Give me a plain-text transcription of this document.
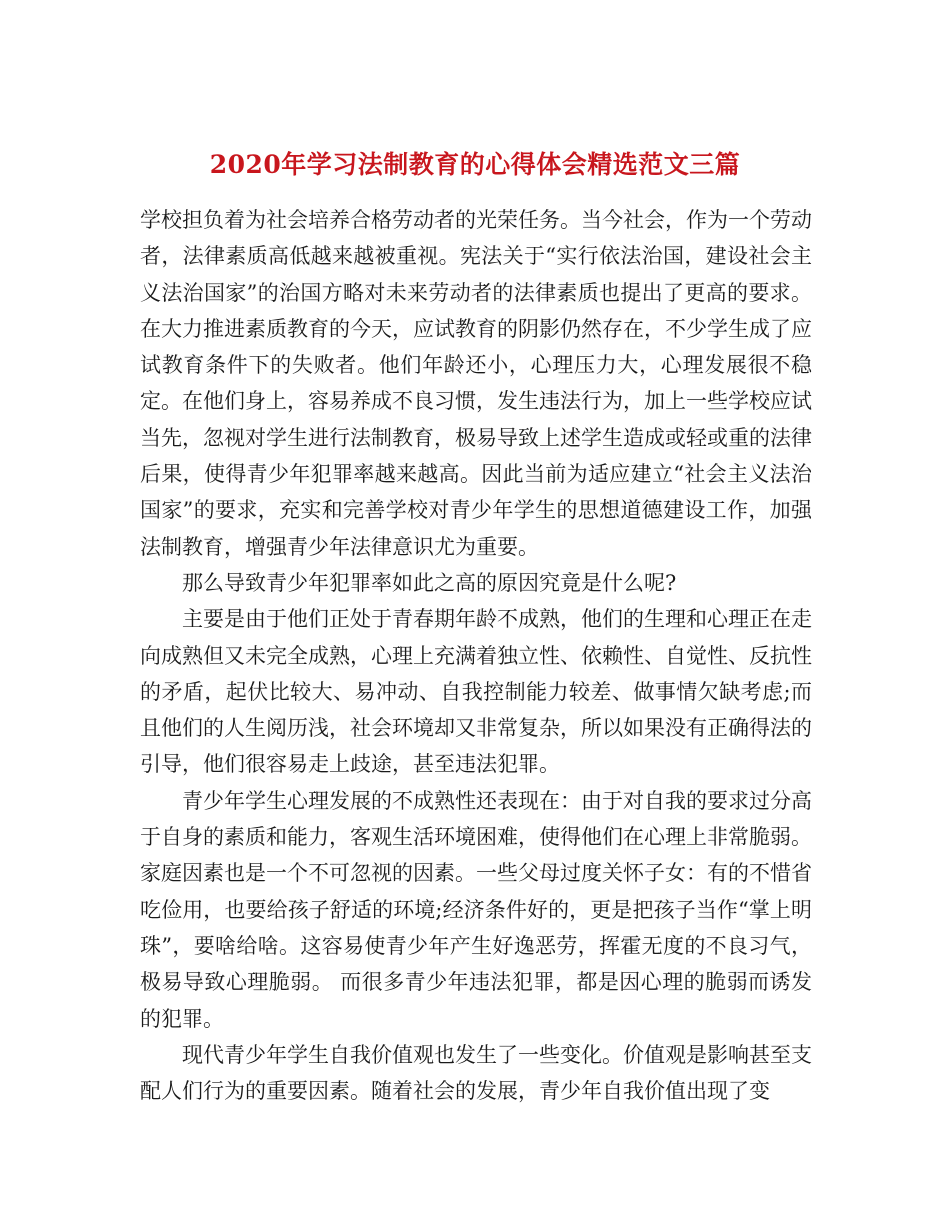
2020年学习法制教育的心得体会精选范文三篇

学校担负着为社会培养合格劳动者的光荣任务。当今社会，作为一个劳动者，法律素质高低越来越被重视。宪法关于“实行依法治国，建设社会主义法治国家”的治国方略对未来劳动者的法律素质也提出了更高的要求。在大力推进素质教育的今天，应试教育的阴影仍然存在，不少学生成了应试教育条件下的失败者。他们年龄还小，心理压力大，心理发展很不稳定。在他们身上，容易养成不良习惯，发生违法行为，加上一些学校应试当先，忽视对学生进行法制教育，极易导致上述学生造成或轻或重的法律后果，使得青少年犯罪率越来越高。因此当前为适应建立“社会主义法治国家”的要求，充实和完善学校对青少年学生的思想道德建设工作，加强法制教育，增强青少年法律意识尤为重要。

那么导致青少年犯罪率如此之高的原因究竟是什么呢?

主要是由于他们正处于青春期年龄不成熟，他们的生理和心理正在走向成熟但又未完全成熟，心理上充满着独立性、依赖性、自觉性、反抗性的矛盾，起伏比较大、易冲动、自我控制能力较差、做事情欠缺考虑;而且他们的人生阅历浅，社会环境却又非常复杂，所以如果没有正确得法的引导，他们很容易走上歧途，甚至违法犯罪。

青少年学生心理发展的不成熟性还表现在：由于对自我的要求过分高于自身的素质和能力，客观生活环境困难，使得他们在心理上非常脆弱。家庭因素也是一个不可忽视的因素。一些父母过度关怀子女：有的不惜省吃俭用，也要给孩子舒适的环境;经济条件好的，更是把孩子当作“掌上明珠”，要啥给啥。这容易使青少年产生好逸恶劳，挥霍无度的不良习气，极易导致心理脆弱。 而很多青少年违法犯罪，都是因心理的脆弱而诱发的犯罪。

现代青少年学生自我价值观也发生了一些变化。价值观是影响甚至支配人们行为的重要因素。随着社会的发展，青少年自我价值出现了变
